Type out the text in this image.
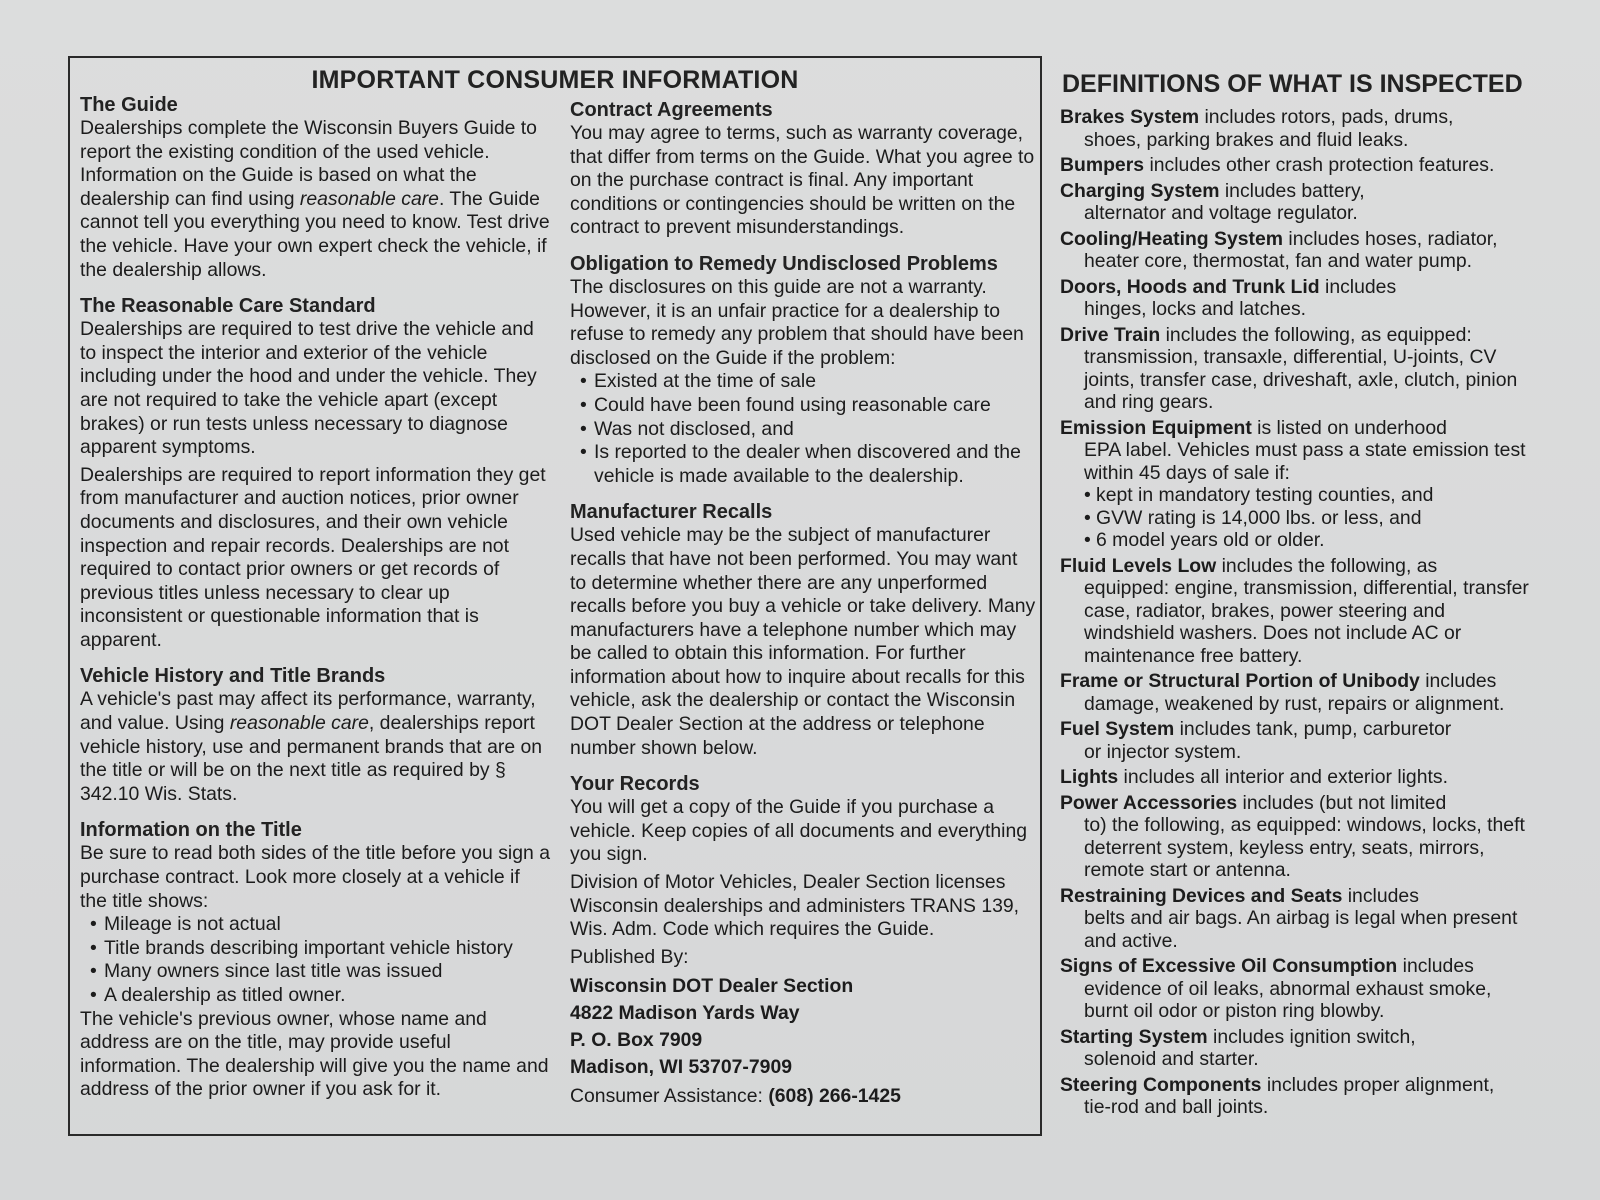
IMPORTANT CONSUMER INFORMATION
The Guide

Dealerships complete the Wisconsin Buyers Guide to report the existing condition of the used vehicle. Information on the Guide is based on what the dealership can find using reasonable care. The Guide cannot tell you everything you need to know. Test drive the vehicle. Have your own expert check the vehicle, if the dealership allows.

The Reasonable Care Standard

Dealerships are required to test drive the vehicle and to inspect the interior and exterior of the vehicle including under the hood and under the vehicle. They are not required to take the vehicle apart (except brakes) or run tests unless necessary to diagnose apparent symptoms.

Dealerships are required to report information they get from manufacturer and auction notices, prior owner documents and disclosures, and their own vehicle inspection and repair records. Dealerships are not required to contact prior owners or get records of previous titles unless necessary to clear up inconsistent or questionable information that is apparent.

Vehicle History and Title Brands

A vehicle's past may affect its performance, warranty, and value. Using reasonable care, dealerships report vehicle history, use and permanent brands that are on the title or will be on the next title as required by § 342.10 Wis. Stats.

Information on the Title

Be sure to read both sides of the title before you sign a purchase contract. Look more closely at a vehicle if the title shows:

• Mileage is not actual
• Title brands describing important vehicle history
• Many owners since last title was issued
• A dealership as titled owner.

The vehicle's previous owner, whose name and address are on the title, may provide useful information. The dealership will give you the name and address of the prior owner if you ask for it.

Contract Agreements

You may agree to terms, such as warranty coverage, that differ from terms on the Guide. What you agree to on the purchase contract is final. Any important conditions or contingencies should be written on the contract to prevent misunderstandings.

Obligation to Remedy Undisclosed Problems

The disclosures on this guide are not a warranty. However, it is an unfair practice for a dealership to refuse to remedy any problem that should have been disclosed on the Guide if the problem:

• Existed at the time of sale
• Could have been found using reasonable care
• Was not disclosed, and
• Is reported to the dealer when discovered and the vehicle is made available to the dealership.
Manufacturer Recalls

Used vehicle may be the subject of manufacturer recalls that have not been performed. You may want to determine whether there are any unperformed recalls before you buy a vehicle or take delivery. Many manufacturers have a telephone number which may be called to obtain this information. For further information about how to inquire about recalls for this vehicle, ask the dealership or contact the Wisconsin DOT Dealer Section at the address or telephone number shown below.

Your Records

You will get a copy of the Guide if you purchase a vehicle. Keep copies of all documents and everything you sign.

Division of Motor Vehicles, Dealer Section licenses Wisconsin dealerships and administers TRANS 139, Wis. Adm. Code which requires the Guide.

Published By:

Wisconsin DOT Dealer Section

4822 Madison Yards Way

P. O. Box 7909

Madison, WI 53707-7909

Consumer Assistance: (608) 266-1425

DEFINITIONS OF WHAT IS INSPECTED
Brakes System includes rotors, pads, drums,
shoes, parking brakes and fluid leaks.
Bumpers includes other crash protection features.
Charging System includes battery,
alternator and voltage regulator.
Cooling/Heating System includes hoses, radiator,
heater core, thermostat, fan and water pump.
Doors, Hoods and Trunk Lid includes
hinges, locks and latches.
Drive Train includes the following, as equipped:
transmission, transaxle, differential, U-joints, CV joints, transfer case, driveshaft, axle, clutch, pinion and ring gears.
Emission Equipment is listed on underhood
EPA label. Vehicles must pass a state emission test within 45 days of sale if:
• kept in mandatory testing counties, and
• GVW rating is 14,000 lbs. or less, and
• 6 model years old or older.
Fluid Levels Low includes the following, as
equipped: engine, transmission, differential, transfer case, radiator, brakes, power steering and windshield washers. Does not include AC or maintenance free battery.
Frame or Structural Portion of Unibody includes
damage, weakened by rust, repairs or alignment.
Fuel System includes tank, pump, carburetor
or injector system.
Lights includes all interior and exterior lights.
Power Accessories includes (but not limited
to) the following, as equipped: windows, locks, theft deterrent system, keyless entry, seats, mirrors, remote start or antenna.
Restraining Devices and Seats includes
belts and air bags. An airbag is legal when present and active.
Signs of Excessive Oil Consumption includes
evidence of oil leaks, abnormal exhaust smoke, burnt oil odor or piston ring blowby.
Starting System includes ignition switch,
solenoid and starter.
Steering Components includes proper alignment,
tie-rod and ball joints.
